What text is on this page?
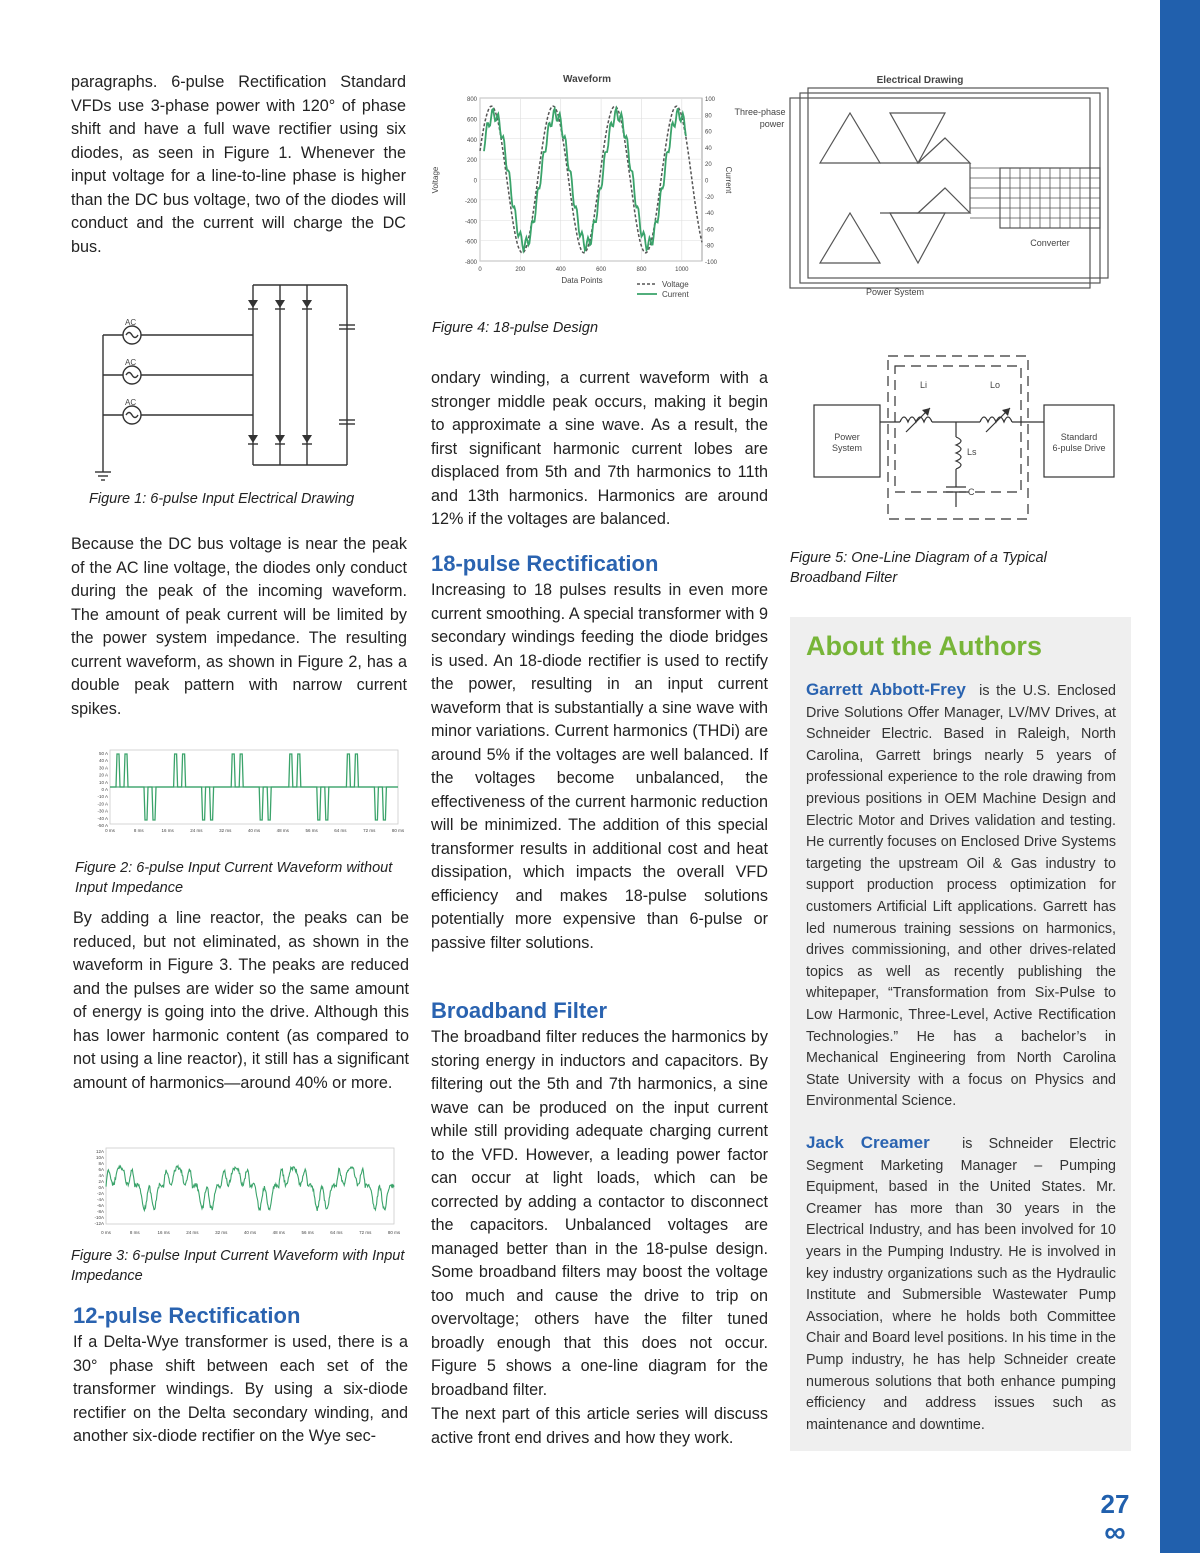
paragraphs. 6-pulse Rectification Standard VFDs use 3-phase power with 120° of phase shift and have a full wave rectifier using six diodes, as seen in Figure 1. Whenever the input voltage for a line-to-line phase is higher than the DC bus voltage, two of the diodes will conduct and the current will charge the DC bus.

AC
AC
AC

Figure 1: 6-pulse Input Electrical Drawing

Because the DC bus voltage is near the peak of the AC line voltage, the diodes only conduct during the peak of the incoming waveform. The amount of peak current will be limited by the power system impedance. The resulting current waveform, as shown in Figure 2, has a double peak pattern with narrow current spikes.

50 A
40 A
30 A
20 A
10 A
0 A
-10 A
-20 A
-30 A
-40 A
-50 A
0 ms	8 ms	16 ms	24 ms	32 ms	40 ms	48 ms	56 ms	64 ms	72 ms	80 ms

Figure 2: 6-pulse Input Current Waveform without Input Impedance

By adding a line reactor, the peaks can be reduced, but not eliminated, as shown in the waveform in Figure 3. The peaks are reduced and the pulses are wider so the same amount of energy is going into the drive. Although this has lower harmonic content (as compared to not using a line reactor), it still has a significant amount of harmonics—around 40% or more.

12A
10A
8A
6A
4A
2A
0A
-2A
-4A
-6A
-8A
-10A
-12A
0 ms	8 ms	16 ms	24 ms	32 ms	40 ms	48 ms	56 ms	64 ms	72 ms	80 ms

Figure 3: 6-pulse Input Current Waveform with Input Impedance

12-pulse Rectification

If a Delta-Wye transformer is used, there is a 30° phase shift between each set of the transformer windings. By using a six-diode rectifier on the Delta secondary winding, and another six-diode rectifier on the Wye sec-

Waveform
800
600
400
200
0
-200
-400
-600
-800
100
80
60
40
20
0
-20
-40
-60
-80
-100
0	200	400	600	800	1000
Voltage	Current
Data Points	Voltage
Current
Electrical Drawing
Three-phase
power
Converter
Power System

Figure 4: 18-pulse Design

Power
System
Li	Lo
Ls
C
Standard
6-pulse Drive

Figure 5: One-Line Diagram of a Typical

Broadband Filter

ondary winding, a current waveform with a stronger middle peak occurs, making it begin to approximate a sine wave. As a result, the first significant harmonic current lobes are displaced from 5th and 7th harmonics to 11th and 13th harmonics. Harmonics are around 12% if the voltages are balanced.

18-pulse Rectification

Increasing to 18 pulses results in even more current smoothing. A special transformer with 9 secondary windings feeding the diode bridges is used. An 18-diode rectifier is used to rectify the power, resulting in an input current waveform that is substantially a sine wave with minor variations. Current harmonics (THDi) are around 5% if the voltages are well balanced. If the voltages become unbalanced, the effectiveness of the current harmonic reduction will be minimized. The addition of this special transformer results in additional cost and heat dissipation, which impacts the overall VFD efficiency and makes 18-pulse solutions potentially more expensive than 6-pulse or passive filter solutions.

Broadband Filter

The broadband filter reduces the harmonics by storing energy in inductors and capacitors. By filtering out the 5th and 7th harmonics, a sine wave can be produced on the input current while still providing adequate charging current to the VFD. However, a leading power factor can occur at light loads, which can be corrected by adding a contactor to disconnect the capacitors. Unbalanced voltages are managed better than in the 18-pulse design. Some broadband filters may boost the voltage too much and cause the drive to trip on overvoltage; others have the filter tuned broadly enough that this does not occur. Figure 5 shows a one-line diagram for the broadband filter.

The next part of this article series will discuss active front end drives and how they work.

About the Authors

Garrett Abbott-Frey is the U.S. Enclosed Drive Solutions Offer Manager, LV/MV Drives, at Schneider Electric. Based in Raleigh, North Carolina, Garrett brings nearly 5 years of professional experience to the role drawing from previous positions in OEM Machine Design and Electric Motor and Drives validation and testing. He currently focuses on Enclosed Drive Systems targeting the upstream Oil & Gas industry to support production process optimization for customers Artificial Lift applications. Garrett has led numerous training sessions on harmonics, drives commissioning, and other drives-related topics as well as recently publishing the whitepaper, “Transformation from Six-Pulse to Low Harmonic, Three-Level, Active Rectification Technologies.” He has a bachelor’s in Mechanical Engineering from North Carolina State University with a focus on Physics and Environmental Science.

Jack Creamer is Schneider Electric Segment Marketing Manager – Pumping Equipment, based in the United States. Mr. Creamer has more than 30 years in the Electrical Industry, and has been involved for 10 years in the Pumping Industry. He is involved in key industry organizations such as the Hydraulic Institute and Submersible Wastewater Pump Association, where he holds both Committee Chair and Board level positions. In his time in the Pump industry, he has help Schneider create numerous solutions that both enhance pumping efficiency and address issues such as maintenance and downtime.

27
∞
